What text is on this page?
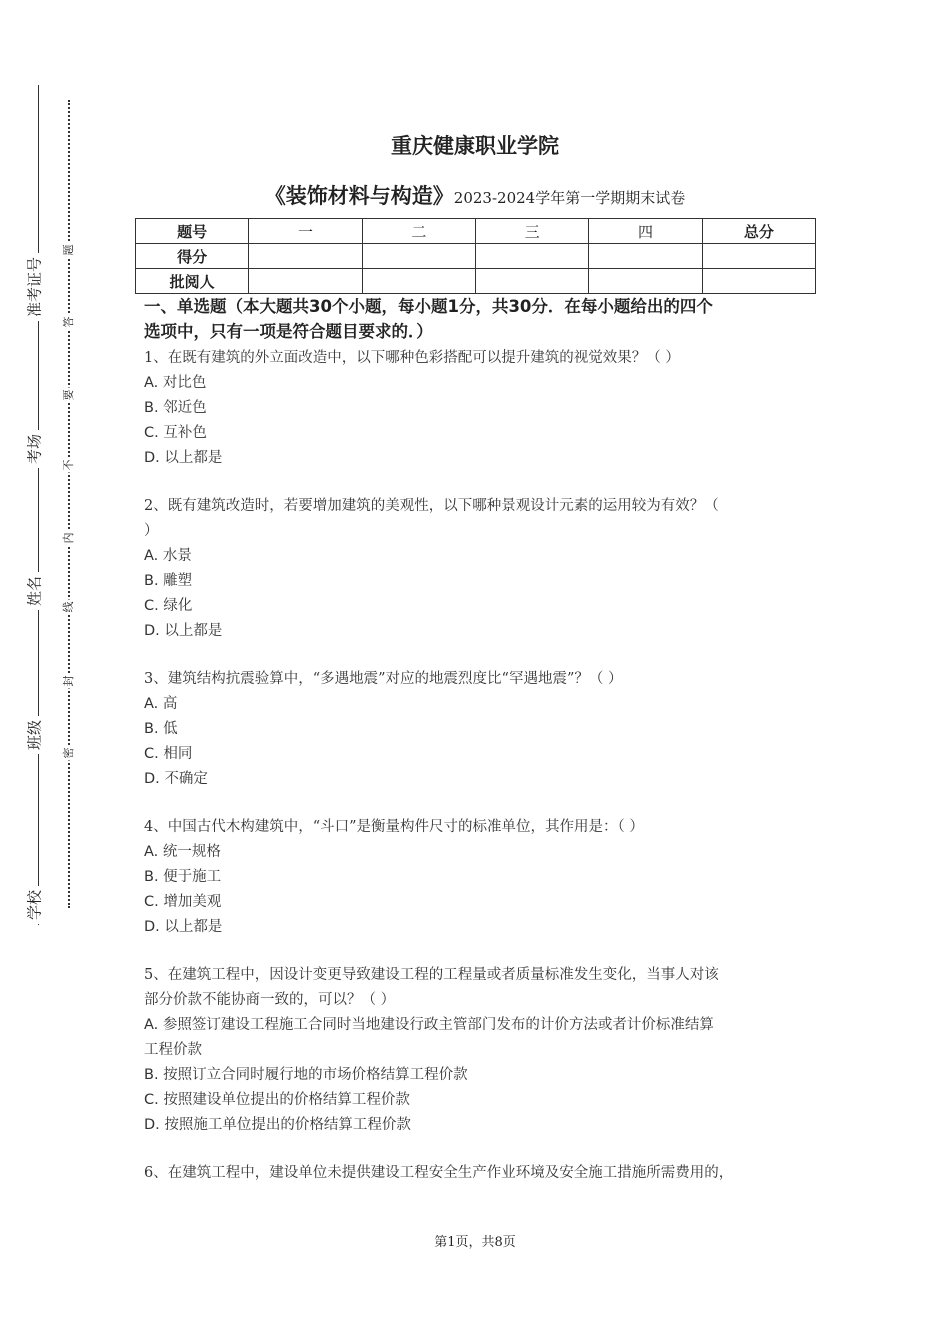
学校
班级
姓名
考场
准考证号
密
封
线
内
不
要
答
题
重庆健康职业学院
《装饰材料与构造》2023-2024学年第一学期期末试卷
题号	一	二	三	四	总分
得分					
批阅人					

一、单选题（本大题共30个小题，每小题1分，共30分．在每小题给出的四个
选项中，只有一项是符合题目要求的．）

1、在既有建筑的外立面改造中，以下哪种色彩搭配可以提升建筑的视觉效果？（ ）

A. 对比色

B. 邻近色

C. 互补色

D. 以上都是

2、既有建筑改造时，若要增加建筑的美观性，以下哪种景观设计元素的运用较为有效？（

）

A. 水景

B. 雕塑

C. 绿化

D. 以上都是

3、建筑结构抗震验算中，“多遇地震”对应的地震烈度比“罕遇地震”？（ ）

A. 高

B. 低

C. 相同

D. 不确定

4、中国古代木构建筑中，“斗口”是衡量构件尺寸的标准单位，其作用是：（ ）

A. 统一规格

B. 便于施工

C. 增加美观

D. 以上都是

5、在建筑工程中，因设计变更导致建设工程的工程量或者质量标准发生变化，当事人对该

部分价款不能协商一致的，可以？（ ）

A. 参照签订建设工程施工合同时当地建设行政主管部门发布的计价方法或者计价标准结算

工程价款

B. 按照订立合同时履行地的市场价格结算工程价款

C. 按照建设单位提出的价格结算工程价款

D. 按照施工单位提出的价格结算工程价款

6、在建筑工程中，建设单位未提供建设工程安全生产作业环境及安全施工措施所需费用的，

第1页，共8页
